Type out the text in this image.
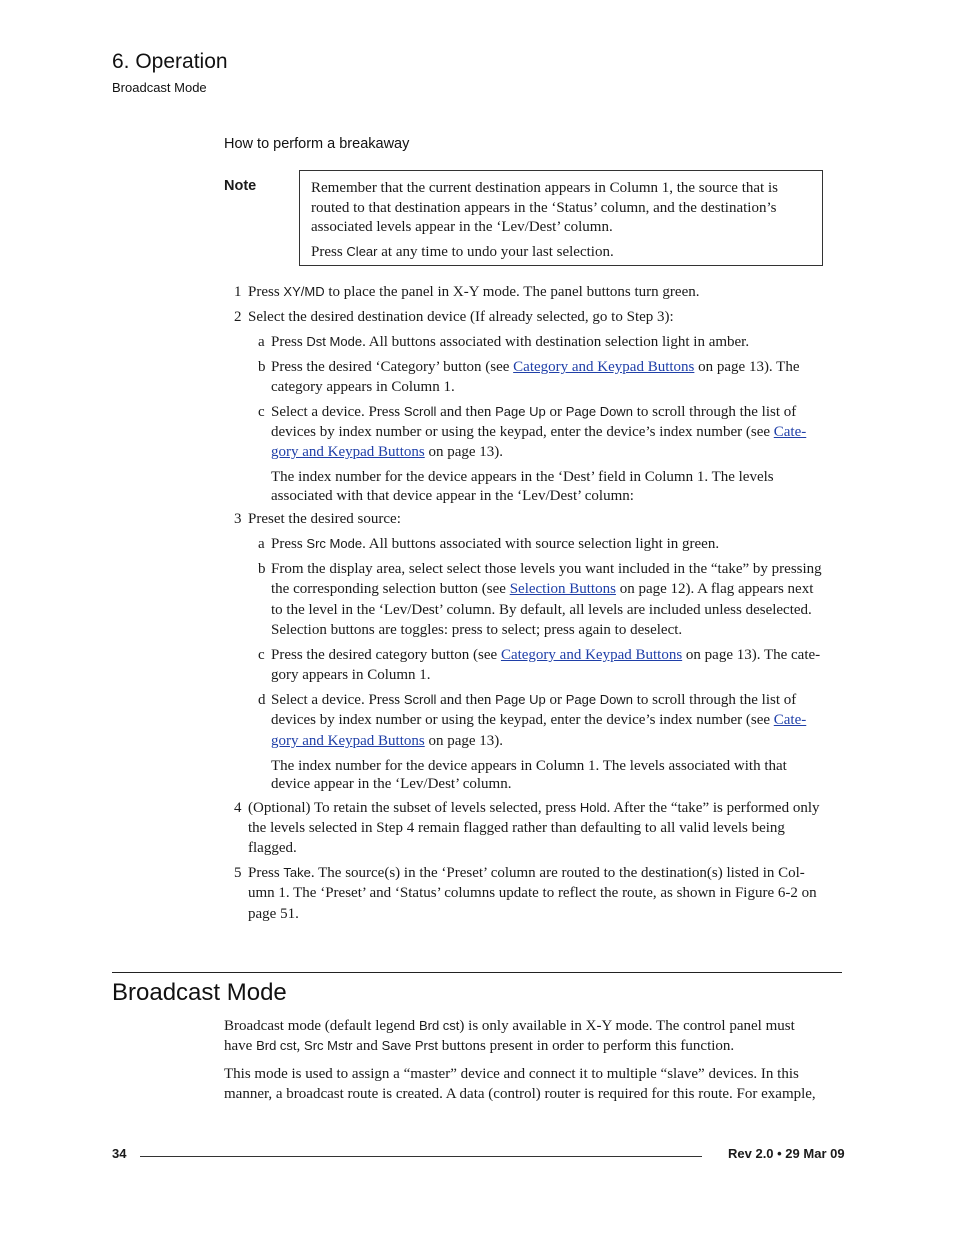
6. Operation
Broadcast Mode
How to perform a breakaway
Note	Remember that the current destination appears in Column 1, the source that is routed to that destination appears in the ‘Status’ column, and the destination’s associated levels appear in the ‘Lev/Dest’ column.

Press Clear at any time to undo your last selection.

1 Press XY/MD to place the panel in X-Y mode. The panel buttons turn green.
2 Select the desired destination device (If already selected, go to Step 3):
a Press Dst Mode. All buttons associated with destination selection light in amber.
b Press the desired ‘Category’ button (see Category and Keypad Buttons on page 13). The
category appears in Column 1.
c Select a device. Press Scroll and then Page Up or Page Down to scroll through the list of
devices by index number or using the keypad, enter the device’s index number (see Cate-
gory and Keypad Buttons on page 13).
The index number for the device appears in the ‘Dest’ field in Column 1. The levels
associated with that device appear in the ‘Lev/Dest’ column:
3 Preset the desired source:
a Press Src Mode. All buttons associated with source selection light in green.
b From the display area, select select those levels you want included in the “take” by pressing
the corresponding selection button (see Selection Buttons on page 12). A flag appears next
to the level in the ‘Lev/Dest’ column. By default, all levels are included unless deselected.
Selection buttons are toggles: press to select; press again to deselect.
c Press the desired category button (see Category and Keypad Buttons on page 13). The cate-
gory appears in Column 1.
d Select a device. Press Scroll and then Page Up or Page Down to scroll through the list of
devices by index number or using the keypad, enter the device’s index number (see Cate-
gory and Keypad Buttons on page 13).
The index number for the device appears in Column 1. The levels associated with that
device appear in the ‘Lev/Dest’ column.
4 (Optional) To retain the subset of levels selected, press Hold. After the “take” is performed only
the levels selected in Step 4 remain flagged rather than defaulting to all valid levels being
flagged.
5 Press Take. The source(s) in the ‘Preset’ column are routed to the destination(s) listed in Col-
umn 1. The ‘Preset’ and ‘Status’ columns update to reflect the route, as shown in Figure 6-2 on
page 51.
Broadcast Mode
Broadcast mode (default legend Brd cst) is only available in X-Y mode. The control panel must
have Brd cst, Src Mstr and Save Prst buttons present in order to perform this function.
This mode is used to assign a “master” device and connect it to multiple “slave” devices. In this
manner, a broadcast route is created. A data (control) router is required for this route. For example,
34	Rev 2.0 • 29 Mar 09
